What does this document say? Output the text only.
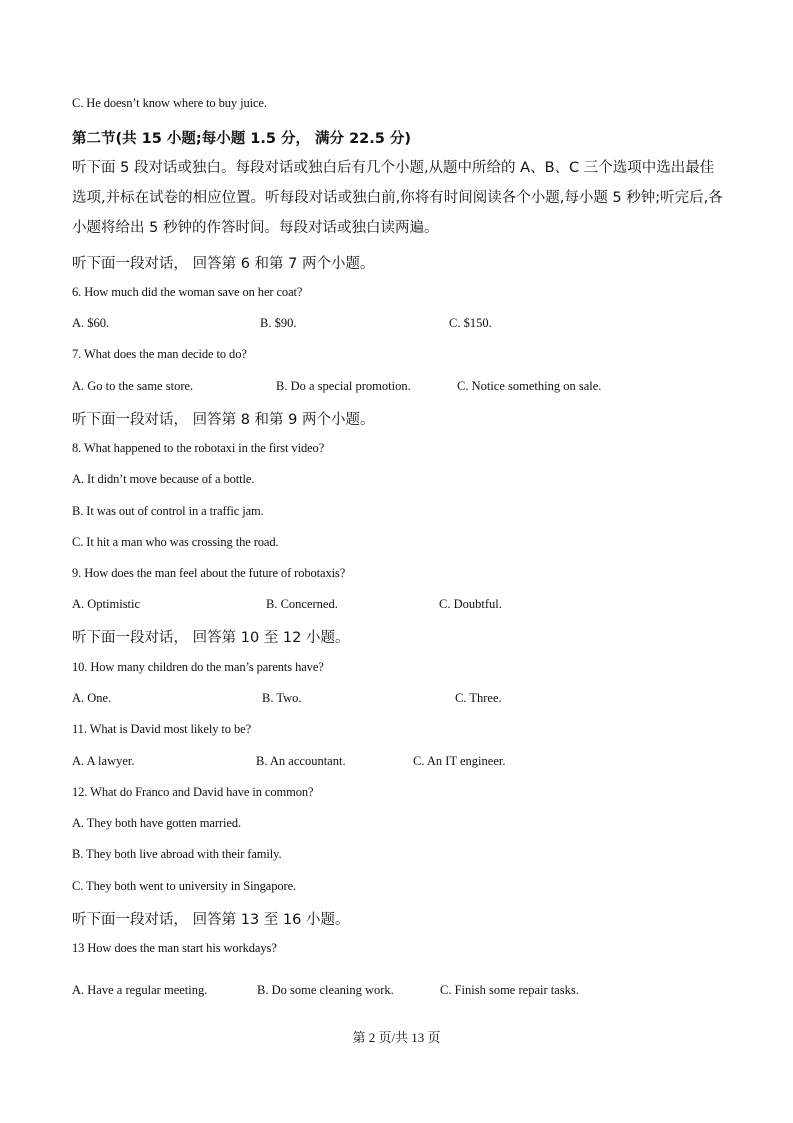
C. He doesn’t know where to buy juice.
第二节(共 15 小题;每小题 1.5 分， 满分 22.5 分)
听下面 5 段对话或独白。每段对话或独白后有几个小题,从题中所给的 A、B、C 三个选项中选出最佳选项,并标在试卷的相应位置。听每段对话或独白前,你将有时间阅读各个小题,每小题 5 秒钟;听完后,各小题将给出 5 秒钟的作答时间。每段对话或独白读两遍。
听下面一段对话， 回答第 6 和第 7 两个小题。
6. How much did the woman save on her coat?
A. $60.	B. $90.	C. $150.
7. What does the man decide to do?
A. Go to the same store.	B. Do a special promotion.	C. Notice something on sale.
听下面一段对话， 回答第 8 和第 9 两个小题。
8. What happened to the robotaxi in the first video?
A. It didn’t move because of a bottle.
B. It was out of control in a traffic jam.
C. It hit a man who was crossing the road.
9. How does the man feel about the future of robotaxis?
A. Optimistic	B. Concerned.	C. Doubtful.
听下面一段对话， 回答第 10 至 12 小题。
10. How many children do the man’s parents have?
A. One.	B. Two.	C. Three.
11. What is David most likely to be?
A. A lawyer.	B. An accountant.	C. An IT engineer.
12. What do Franco and David have in common?
A. They both have gotten married.
B. They both live abroad with their family.
C. They both went to university in Singapore.
听下面一段对话， 回答第 13 至 16 小题。
13 How does the man start his workdays?
A. Have a regular meeting.	B. Do some cleaning work.	C. Finish some repair tasks.
第 2 页/共 13 页
